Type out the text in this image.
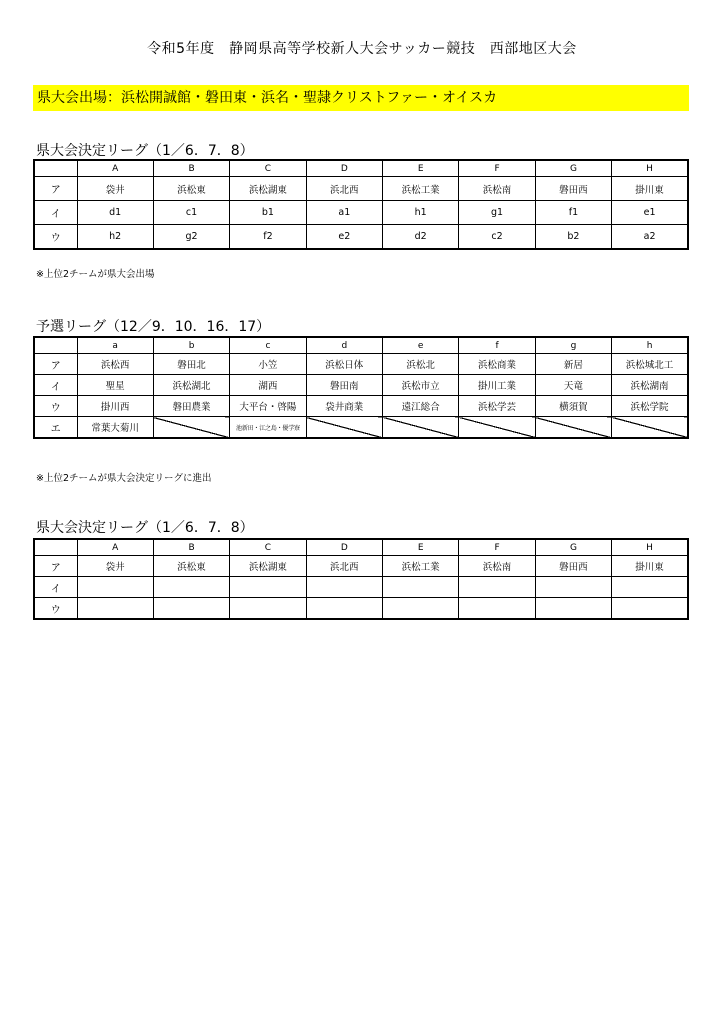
令和5年度　静岡県高等学校新人大会サッカー競技　西部地区大会
県大会出場：浜松開誠館・磐田東・浜名・聖隷クリストファー・オイスカ
県大会決定リーグ（1／6．7．8）
	A	B	C	D	E	F	G	H
ア	袋井	浜松東	浜松湖東	浜北西	浜松工業	浜松南	磐田西	掛川東
イ	d1	c1	b1	a1	h1	g1	f1	e1
ウ	h2	g2	f2	e2	d2	c2	b2	a2
※上位2チームが県大会出場
予選リーグ（12／9．10．16．17）
	a	b	c	d	e	f	g	h
ア	浜松西	磐田北	小笠	浜松日体	浜松北	浜松商業	新居	浜松城北工
イ	聖星	浜松湖北	湖西	磐田南	浜松市立	掛川工業	天竜	浜松湖南
ウ	掛川西	磐田農業	大平台・啓陽	袋井商業	遠江総合	浜松学芸	横須賀	浜松学院
エ	常葉大菊川		池新田・江之島・優学寮					
※上位2チームが県大会決定リーグに進出
県大会決定リーグ（1／6．7．8）
	A	B	C	D	E	F	G	H
ア	袋井	浜松東	浜松湖東	浜北西	浜松工業	浜松南	磐田西	掛川東
イ								
ウ								
